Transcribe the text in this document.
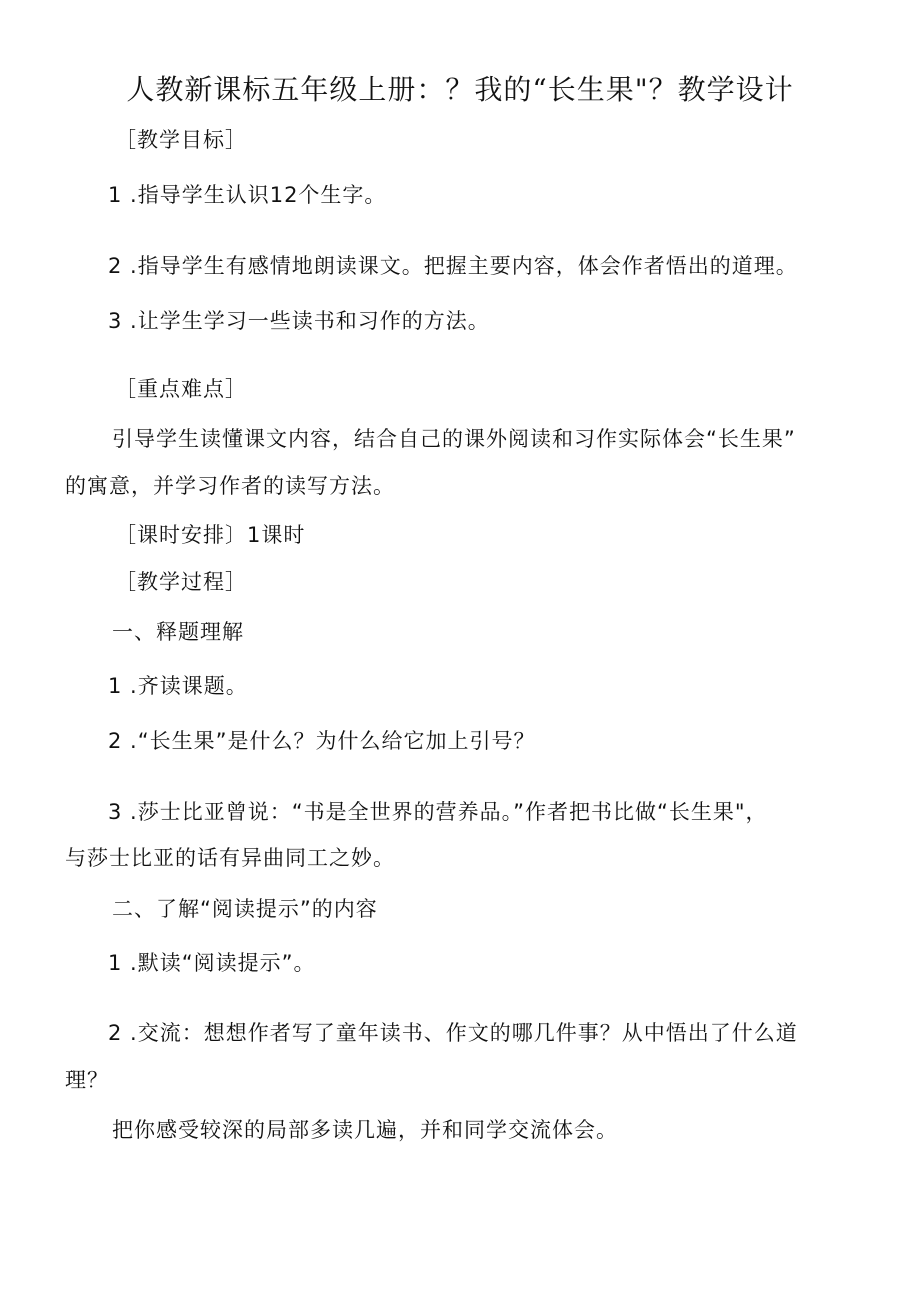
人教新课标五年级上册：？我的“长生果"？教学设计
［教学目标］
1 .指导学生认识12个生字。
2 .指导学生有感情地朗读课文。把握主要内容，体会作者悟出的道理。
3 .让学生学习一些读书和习作的方法。
［重点难点］
引导学生读懂课文内容，结合自己的课外阅读和习作实际体会“长生果”
的寓意，并学习作者的读写方法。
［课时安排〕1课时
［教学过程］
一、释题理解
1 .齐读课题。
2 .“长生果”是什么？为什么给它加上引号？
3 .莎士比亚曾说：“书是全世界的营养品。”作者把书比做“长生果"，
与莎士比亚的话有异曲同工之妙。
二、了解“阅读提示”的内容
1 .默读“阅读提示”。
2 .交流：想想作者写了童年读书、作文的哪几件事？从中悟出了什么道
理？
把你感受较深的局部多读几遍，并和同学交流体会。
